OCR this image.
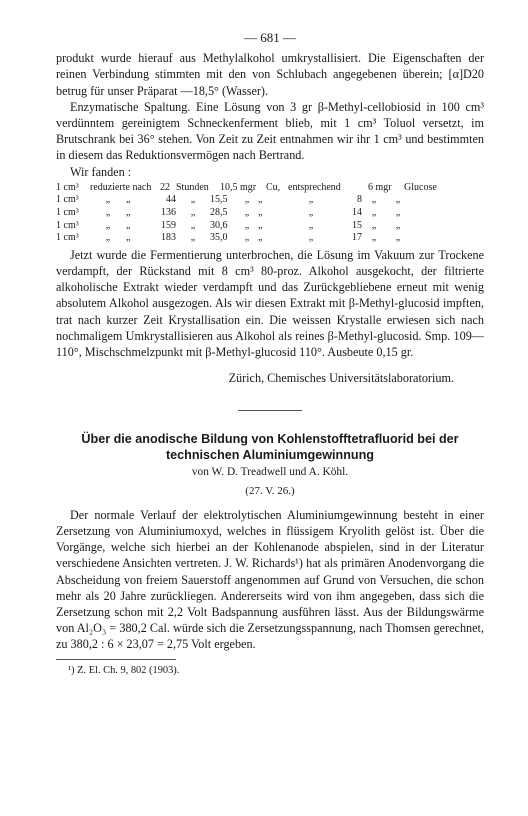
— 681 —

produkt wurde hierauf aus Methylalkohol umkrystallisiert. Die Eigenschaften der reinen Verbindung stimmten mit den von Schlubach angegebenen überein; [α]D20 betrug für unser Präparat —18,5° (Wasser).

Enzymatische Spaltung. Eine Lösung von 3 gr β-Methyl-cellobiosid in 100 cm³ verdünntem gereinigtem Schneckenferment blieb, mit 1 cm³ Toluol versetzt, im Brutschrank bei 36° stehen. Von Zeit zu Zeit entnahmen wir ihr 1 cm³ und bestimmten in diesem das Reduktionsvermögen nach Bertrand.

Wir fanden :

1 cm³	reduzierte nach 22 Stunden	10,5 mgr Cu, entsprechend	6 mgr	Glucose
1 cm³	„	„	44	„	15,5	„ „	„	8 „	„
1 cm³	„	„	136	„	28,5	„ „	„	14 „	„
1 cm³	„	„	159	„	30,6	„ „	„	15 „	„
1 cm³	„	„	183	„	35,0	„ „	„	17 „	„

Jetzt wurde die Fermentierung unterbrochen, die Lösung im Vakuum zur Trockene verdampft, der Rückstand mit 8 cm³ 80-proz. Alkohol ausgekocht, der filtrierte alkoholische Extrakt wieder verdampft und das Zurückgebliebene erneut mit wenig absolutem Alkohol ausgezogen. Als wir diesen Extrakt mit β-Methyl-glucosid impften, trat nach kurzer Zeit Krystallisation ein. Die weissen Krystalle erwiesen sich nach nochmaligem Umkrystallisieren aus Alkohol als reines β-Methyl-glucosid. Smp. 109—110°, Mischschmelzpunkt mit β-Methyl-glucosid 110°. Ausbeute 0,15 gr.

Zürich, Chemisches Universitätslaboratorium.

Über die anodische Bildung von Kohlenstofftetrafluorid bei der technischen Aluminiumgewinnung
von W. D. Treadwell und A. Köhl.
(27. V. 26.)

Der normale Verlauf der elektrolytischen Aluminiumgewinnung besteht in einer Zersetzung von Aluminiumoxyd, welches in flüssigem Kryolith gelöst ist. Über die Vorgänge, welche sich hierbei an der Kohlenanode abspielen, sind in der Literatur verschiedene Ansichten vertreten. J. W. Richards¹) hat als primären Anodenvorgang die Abscheidung von freiem Sauerstoff angenommen auf Grund von Versuchen, die schon mehr als 20 Jahre zurückliegen. Andererseits wird von ihm angegeben, dass sich die Zersetzung schon mit 2,2 Volt Badspannung ausführen lässt. Aus der Bildungswärme von Al₂O₃ = 380,2 Cal. würde sich die Zersetzungsspannung, nach Thomsen gerechnet, zu 380,2 : 6 × 23,07 = 2,75 Volt ergeben.

¹) Z. El. Ch. 9, 802 (1903).
